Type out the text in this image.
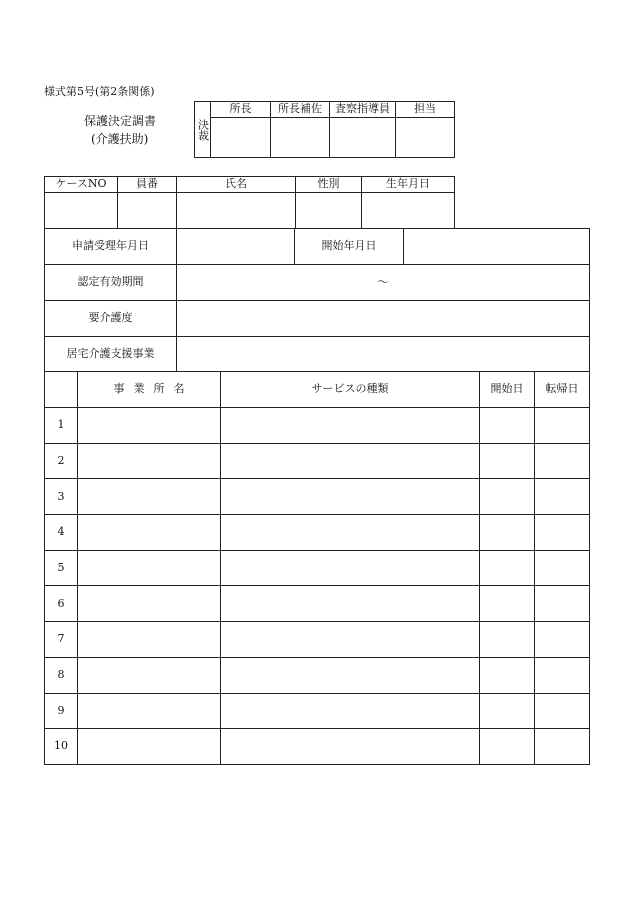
様式第5号(第2条関係)
保護決定調書
(介護扶助)	決裁	所長	所長補佐	査察指導員	担当

ケースNO	員番	氏名	性別	生年月日

申請受理年月日		開始年月日	
認定有効期間	～		
要介護度			
居宅介護支援事業			
	事 業 所 名	サービスの種類	開始日	転帰日
1				
2				
3				
4				
5				
6				
7				
8				
9				
10				
